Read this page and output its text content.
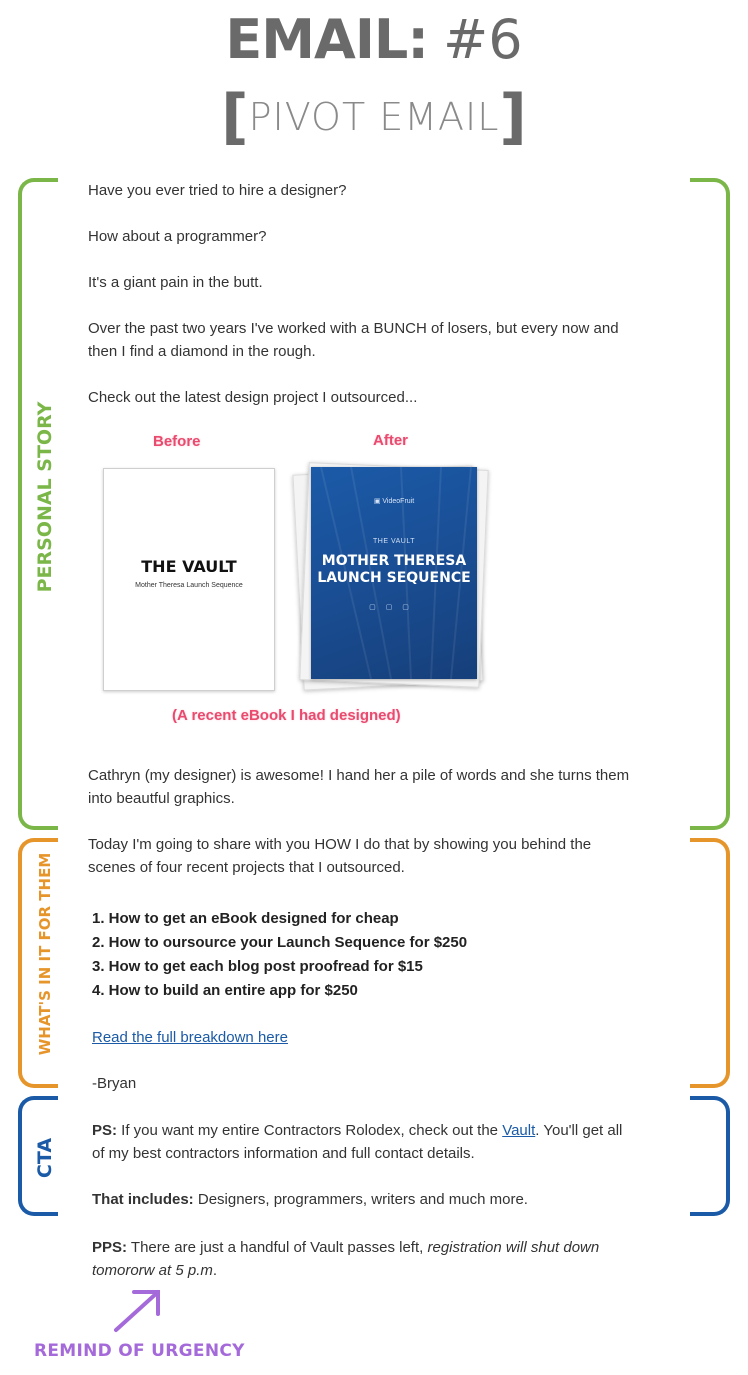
EMAIL: #6
[PIVOT EMAIL]
PERSONAL STORY
WHAT'S IN IT FOR THEM
CTA
Have you ever tried to hire a designer?
How about a programmer?
It's a giant pain in the butt.
Over the past two years I've worked with a BUNCH of losers, but every now and
then I find a diamond in the rough.
Check out the latest design project I outsourced...
Before	After
THE VAULT
Mother Theresa Launch Sequence
▣ VideoFruit
THE VAULT
MOTHER THERESA
LAUNCH SEQUENCE
▢▢▢
(A recent eBook I had designed)
Cathryn (my designer) is awesome! I hand her a pile of words and she turns them
into beautful graphics.
Today I'm going to share with you HOW I do that by showing you behind the
scenes of four recent projects that I outsourced.
1. How to get an eBook designed for cheap
2. How to oursource your Launch Sequence for $250
3. How to get each blog post proofread for $15
4. How to build an entire app for $250
Read the full breakdown here
-Bryan
PS: If you want my entire Contractors Rolodex, check out the Vault. You'll get all
of my best contractors information and full contact details.
That includes: Designers, programmers, writers and much more.
PPS: There are just a handful of Vault passes left, registration will shut down
tomororw at 5 p.m.
REMIND OF URGENCY
